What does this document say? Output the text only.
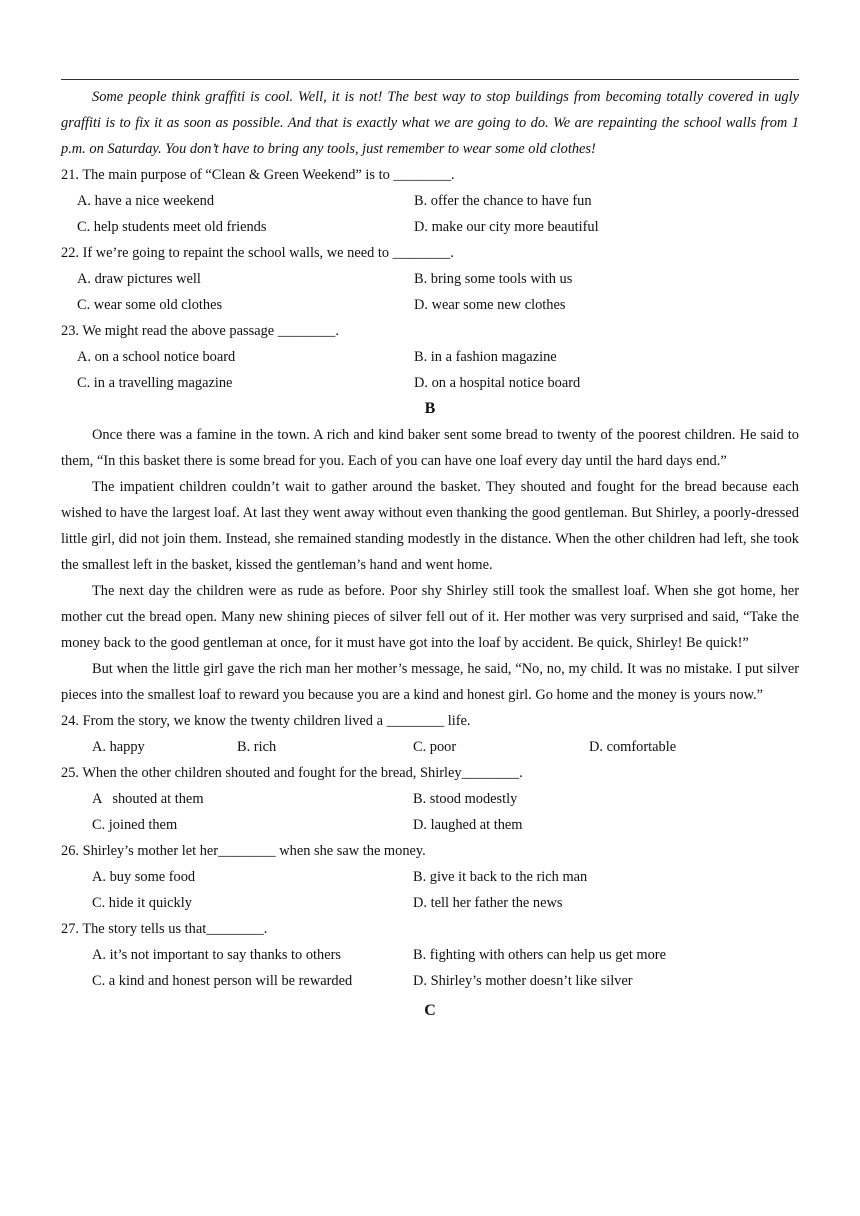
Some people think graffiti is cool. Well, it is not! The best way to stop buildings from becoming totally covered in ugly graffiti is to fix it as soon as possible. And that is exactly what we are going to do. We are repainting the school walls from 1 p.m. on Saturday. You don’t have to bring any tools, just remember to wear some old clothes!
21. The main purpose of “Clean & Green Weekend” is to ________.
A. have a nice weekend	B. offer the chance to have fun
C. help students meet old friends	D. make our city more beautiful
22. If we’re going to repaint the school walls, we need to ________.
A. draw pictures well	B. bring some tools with us
C. wear some old clothes	D. wear some new clothes
23. We might read the above passage ________.
A. on a school notice board	B. in a fashion magazine
C. in a travelling magazine	D. on a hospital notice board
B
Once there was a famine in the town. A rich and kind baker sent some bread to twenty of the poorest children. He said to them, “In this basket there is some bread for you. Each of you can have one loaf every day until the hard days end.”
The impatient children couldn’t wait to gather around the basket. They shouted and fought for the bread because each wished to have the largest loaf. At last they went away without even thanking the good gentleman. But Shirley, a poorly-dressed little girl, did not join them. Instead, she remained standing modestly in the distance. When the other children had left, she took the smallest left in the basket, kissed the gentleman’s hand and went home.
The next day the children were as rude as before. Poor shy Shirley still took the smallest loaf. When she got home, her mother cut the bread open. Many new shining pieces of silver fell out of it. Her mother was very surprised and said, “Take the money back to the good gentleman at once, for it must have got into the loaf by accident. Be quick, Shirley! Be quick!”
But when the little girl gave the rich man her mother’s message, he said, “No, no, my child. It was no mistake. I put silver pieces into the smallest loaf to reward you because you are a kind and honest girl. Go home and the money is yours now.”
24. From the story, we know the twenty children lived a ________ life.
A. happy	B. rich	C. poor	D. comfortable
25. When the other children shouted and fought for the bread, Shirley________.
A   shouted at them	B. stood modestly
C. joined them	D. laughed at them
26. Shirley’s mother let her________ when she saw the money.
A. buy some food	B. give it back to the rich man
C. hide it quickly	D. tell her father the news
27. The story tells us that________.
A. it’s not important to say thanks to others	B. fighting with others can help us get more
C. a kind and honest person will be rewarded	D. Shirley’s mother doesn’t like silver
C
